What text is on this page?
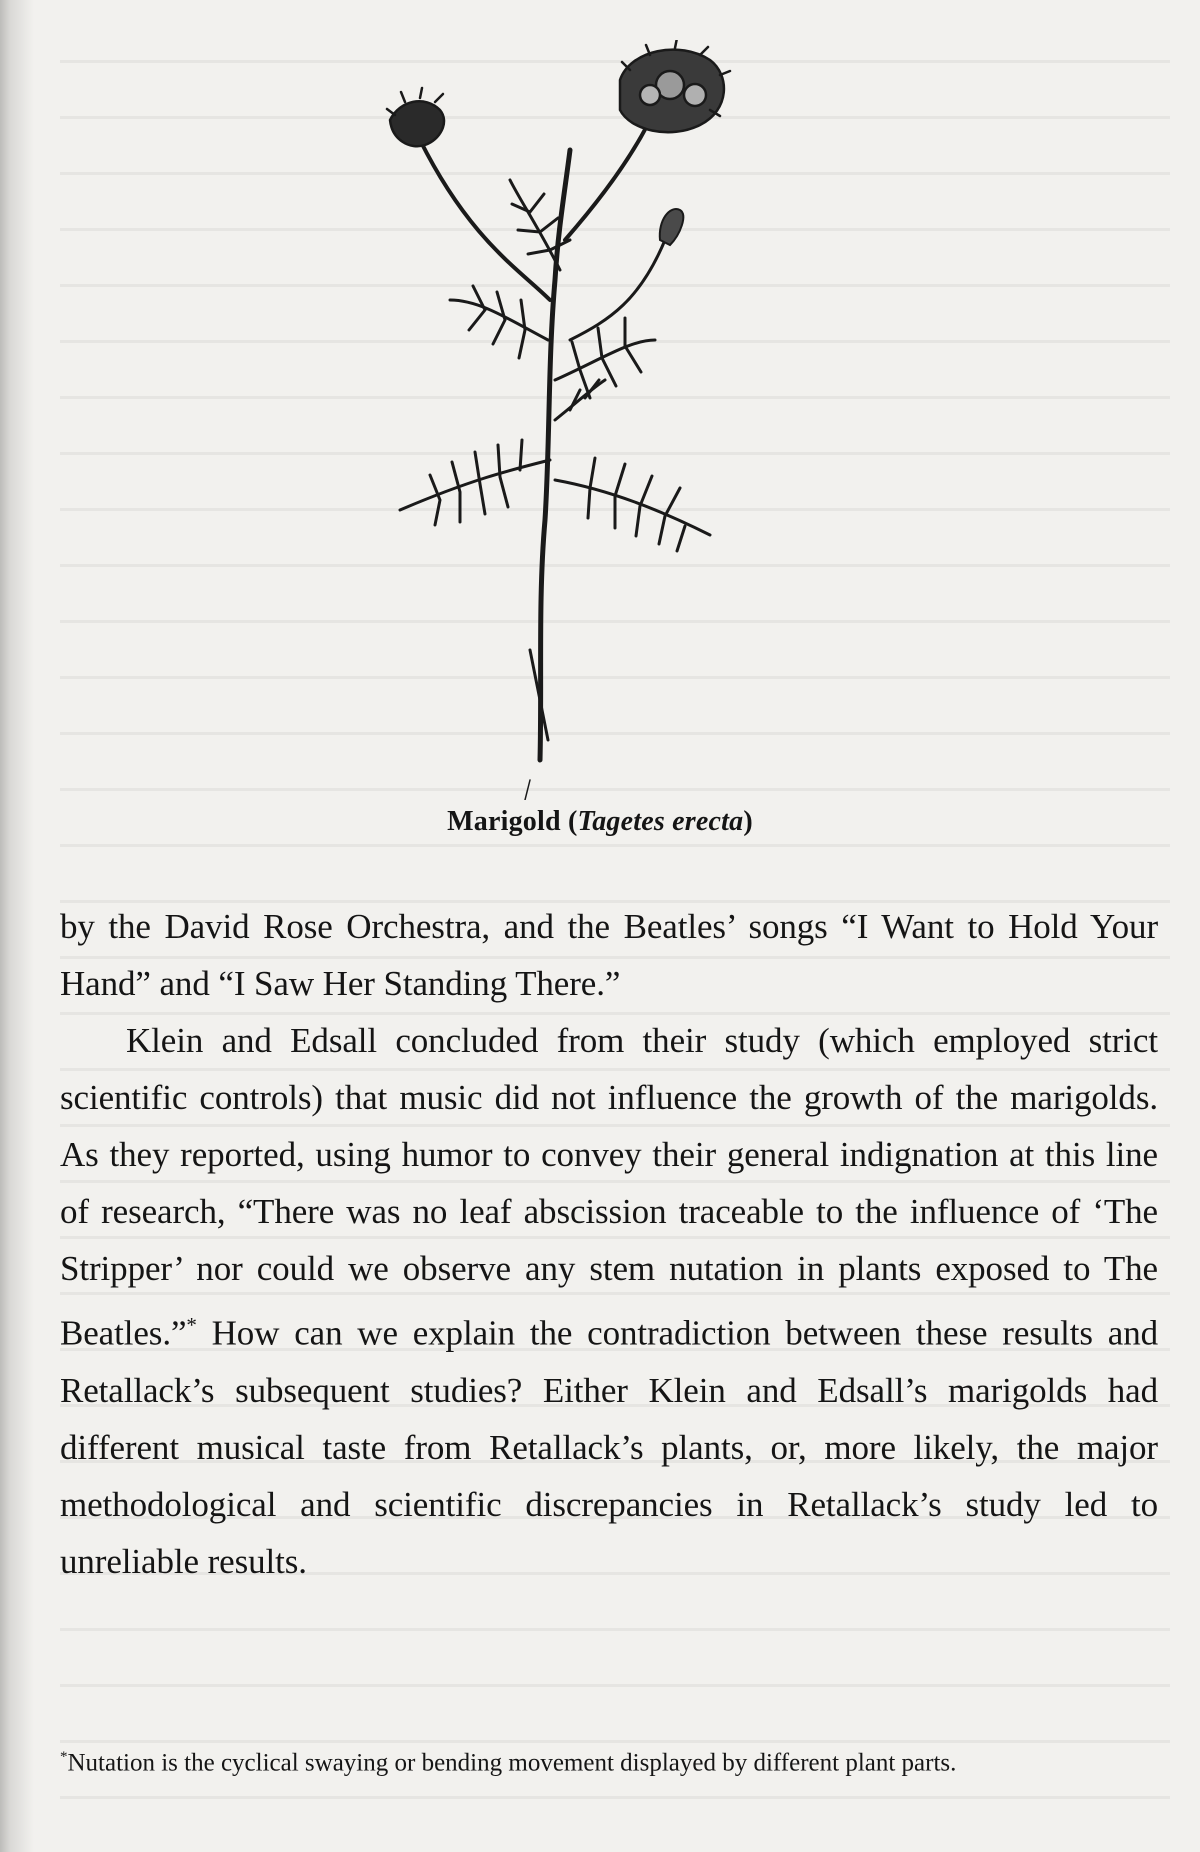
Marigold (Tagetes erecta)

by the David Rose Orchestra, and the Beatles’ songs “I Want to Hold Your Hand” and “I Saw Her Standing There.”

Klein and Edsall concluded from their study (which employed strict scientific controls) that music did not influence the growth of the marigolds. As they reported, using humor to convey their general indignation at this line of research, “There was no leaf abscission traceable to the influence of ‘The Stripper’ nor could we observe any stem nutation in plants exposed to The Beatles.”* How can we explain the contradiction between these results and Retallack’s subsequent studies? Either Klein and Edsall’s marigolds had different musical taste from Retallack’s plants, or, more likely, the major methodological and scientific discrepancies in Retallack’s study led to unreliable results.

*Nutation is the cyclical swaying or bending movement displayed by different plant parts.
